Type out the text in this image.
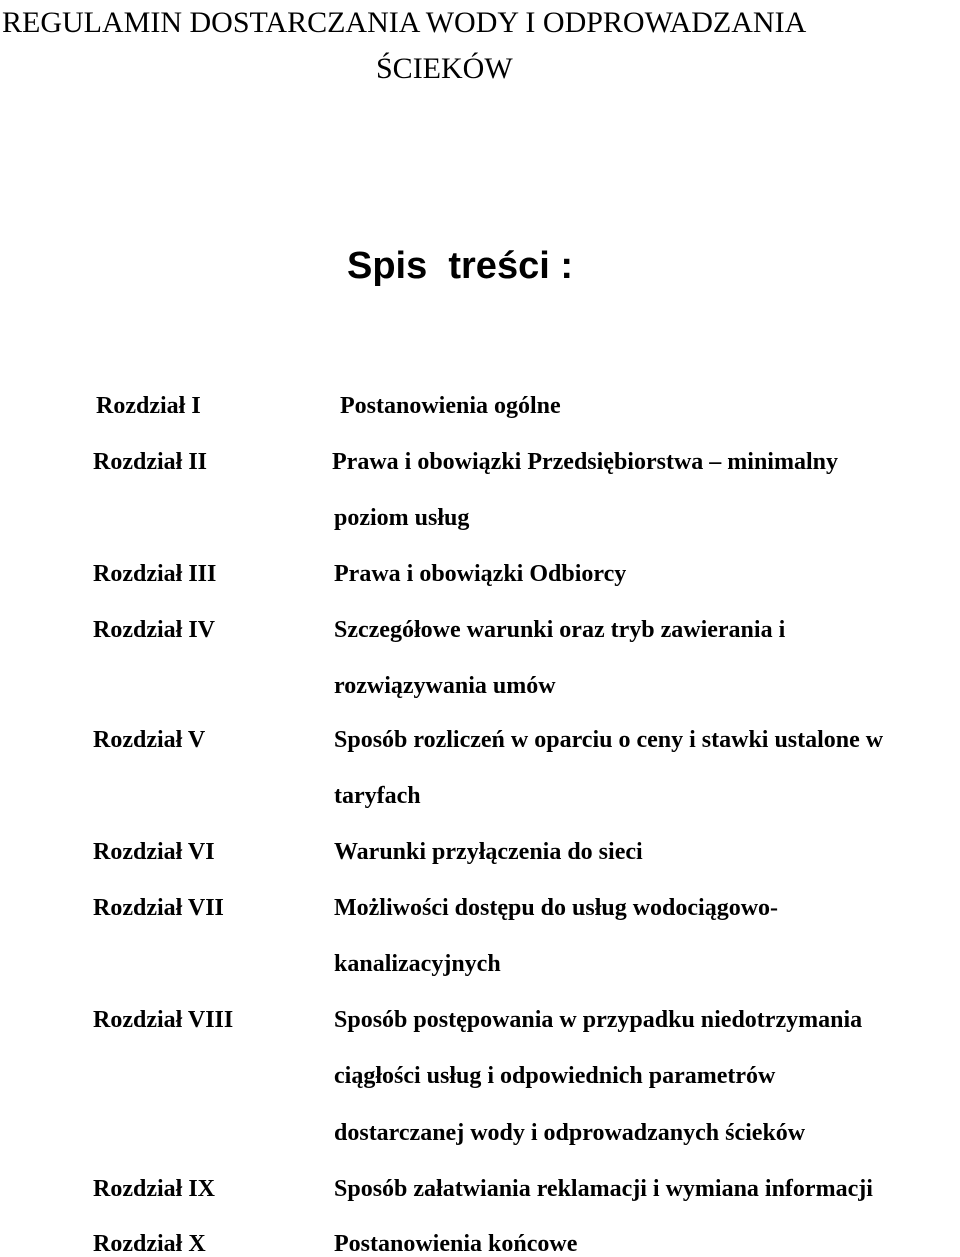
REGULAMIN DOSTARCZANIA WODY I ODPROWADZANIA
ŚCIEKÓW
Spis  treści :
Rozdział I	Postanowienia ogólne
Rozdział II	Prawa i obowiązki Przedsiębiorstwa – minimalny
poziom usług
Rozdział III	Prawa i obowiązki Odbiorcy
Rozdział IV	Szczegółowe warunki oraz tryb zawierania i
rozwiązywania umów
Rozdział V	Sposób rozliczeń w oparciu o ceny i stawki ustalone w
taryfach
Rozdział VI	Warunki przyłączenia do sieci
Rozdział VII	Możliwości dostępu do usług wodociągowo-
kanalizacyjnych
Rozdział VIII	Sposób postępowania w przypadku niedotrzymania
ciągłości usług i odpowiednich parametrów
dostarczanej wody i odprowadzanych ścieków
Rozdział IX	Sposób załatwiania reklamacji i wymiana informacji
Rozdział X	Postanowienia końcowe
